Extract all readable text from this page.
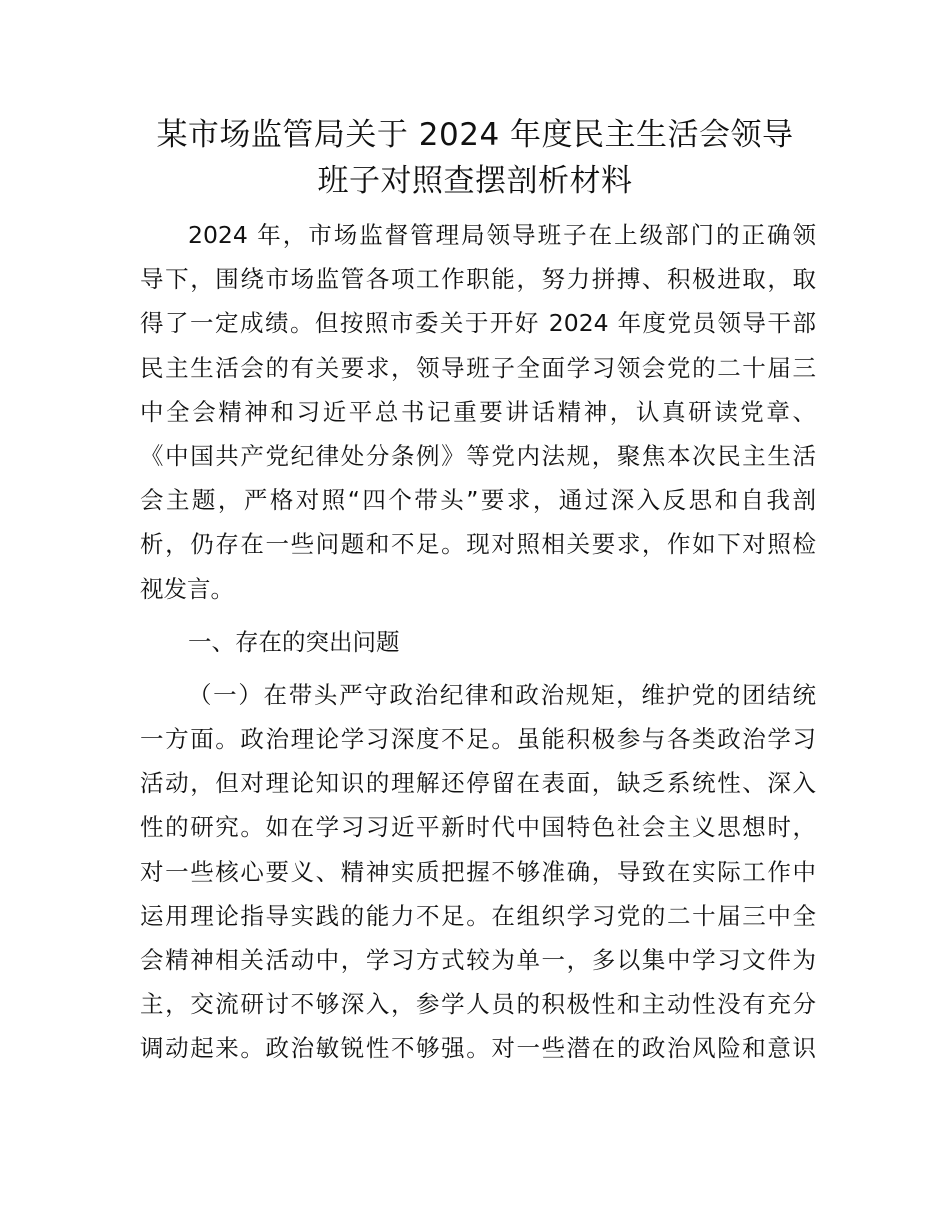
某市场监管局关于 2024 年度民主生活会领导
班子对照查摆剖析材料
2024 年，市场监督管理局领导班子在上级部门的正确领
导下，围绕市场监管各项工作职能，努力拼搏、积极进取，取
得了一定成绩。但按照市委关于开好 2024 年度党员领导干部
民主生活会的有关要求，领导班子全面学习领会党的二十届三
中全会精神和习近平总书记重要讲话精神，认真研读党章、
《中国共产党纪律处分条例》等党内法规，聚焦本次民主生活
会主题，严格对照“四个带头”要求，通过深入反思和自我剖
析，仍存在一些问题和不足。现对照相关要求，作如下对照检
视发言。
一、存在的突出问题
（一）在带头严守政治纪律和政治规矩，维护党的团结统
一方面。政治理论学习深度不足。虽能积极参与各类政治学习
活动，但对理论知识的理解还停留在表面，缺乏系统性、深入
性的研究。如在学习习近平新时代中国特色社会主义思想时，
对一些核心要义、精神实质把握不够准确，导致在实际工作中
运用理论指导实践的能力不足。在组织学习党的二十届三中全
会精神相关活动中，学习方式较为单一，多以集中学习文件为
主，交流研讨不够深入，参学人员的积极性和主动性没有充分
调动起来。政治敏锐性不够强。对一些潜在的政治风险和意识
